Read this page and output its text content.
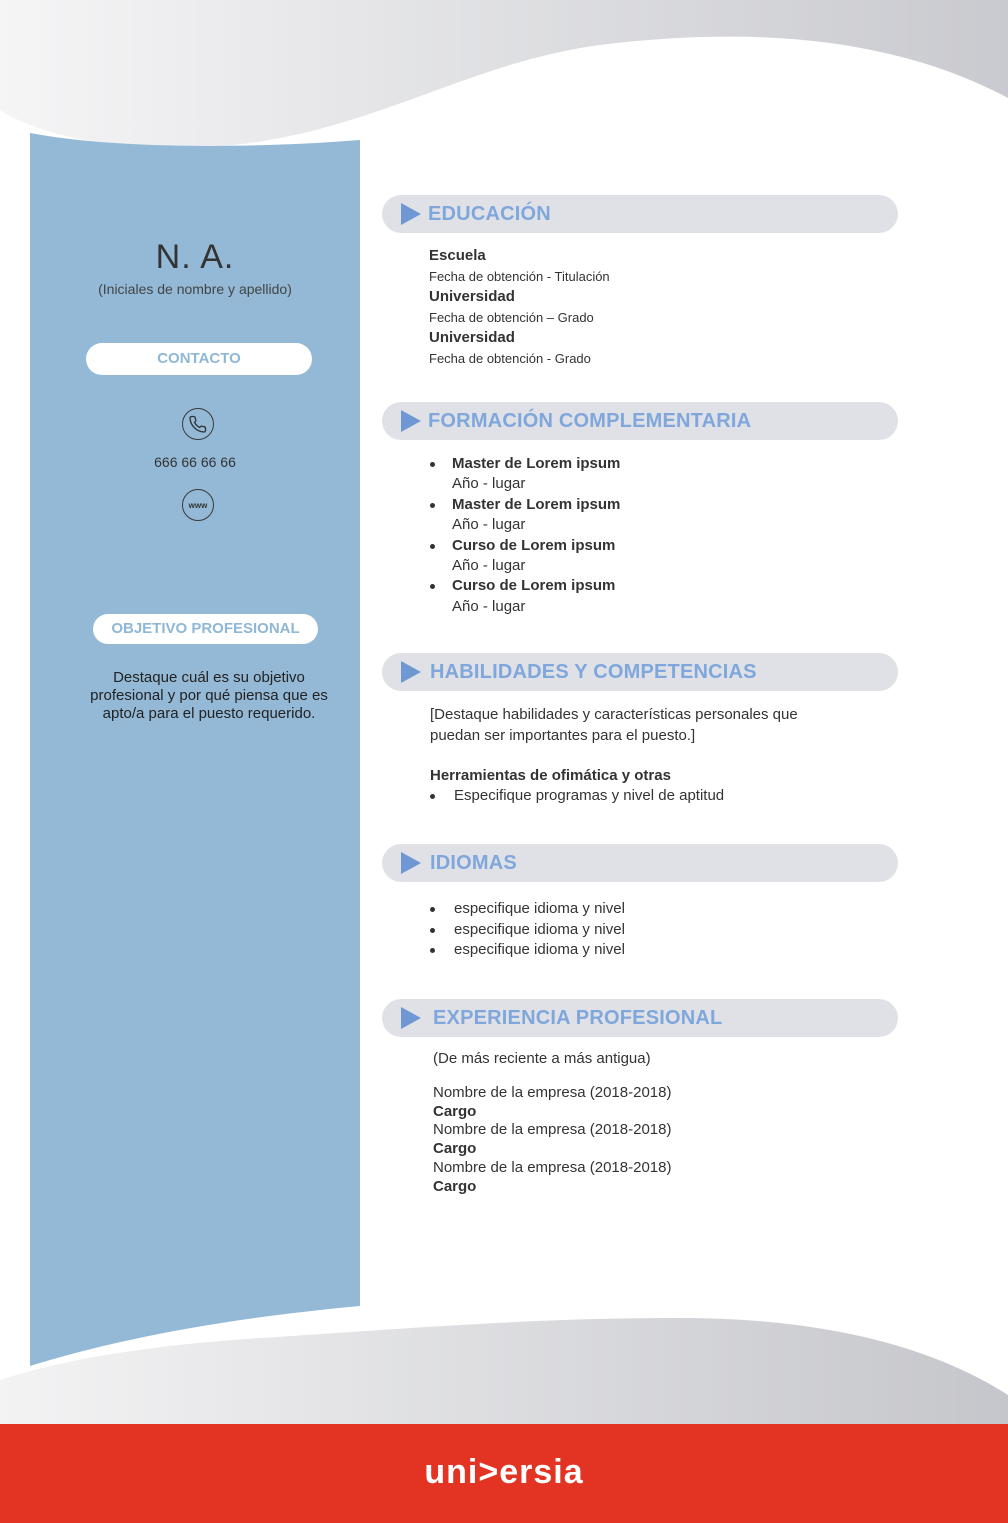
N. A.
(Iniciales de nombre y apellido)
CONTACTO
666 66 66 66
www
OBJETIVO PROFESIONAL
Destaque cuál es su objetivo profesional y por qué piensa que es apto/a para el puesto requerido.
EDUCACIÓN
Escuela
Fecha de obtención - Titulación
Universidad
Fecha de obtención – Grado
Universidad
Fecha de obtención - Grado
FORMACIÓN COMPLEMENTARIA
Master de Lorem ipsum
Año - lugar
Master de Lorem ipsum
Año - lugar
Curso de Lorem ipsum
Año - lugar
Curso de Lorem ipsum
Año - lugar
HABILIDADES Y COMPETENCIAS
[Destaque habilidades y características personales que
puedan ser importantes para el puesto.]
Herramientas de ofimática y otras
Especifique programas y nivel de aptitud
IDIOMAS
especifique idioma y nivel
especifique idioma y nivel
especifique idioma y nivel
EXPERIENCIA PROFESIONAL
(De más reciente a más antigua)
Nombre de la empresa (2018-2018)
Cargo
Nombre de la empresa (2018-2018)
Cargo
Nombre de la empresa (2018-2018)
Cargo
uni>ersia
